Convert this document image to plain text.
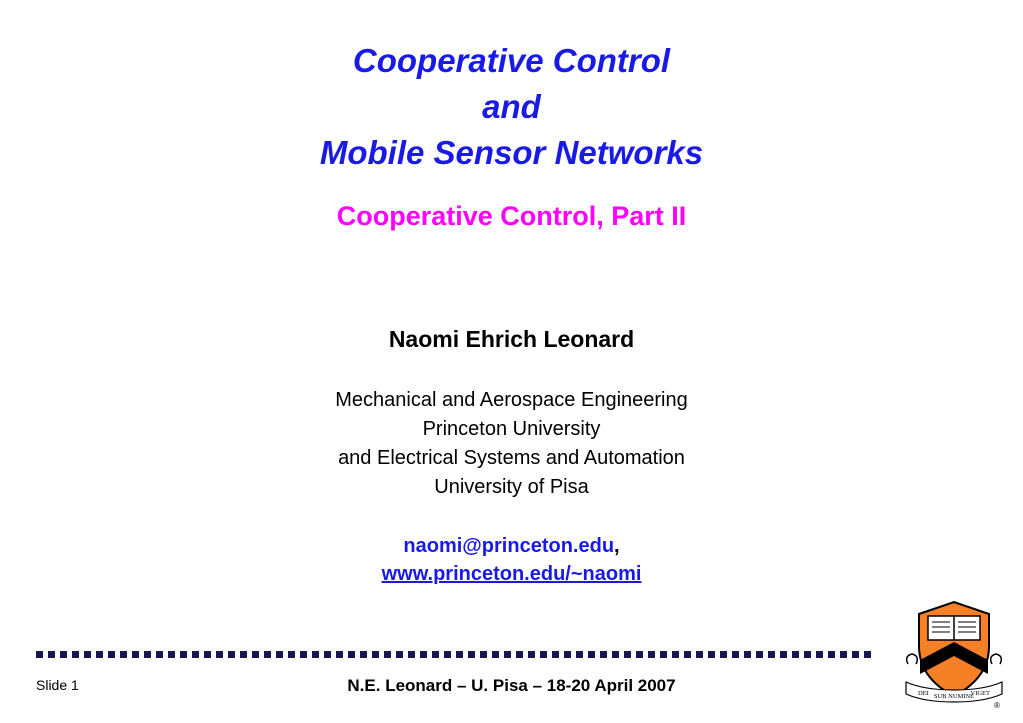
Cooperative Control
and
Mobile Sensor Networks
Cooperative Control, Part II
Naomi Ehrich Leonard
Mechanical and Aerospace Engineering
Princeton University
and Electrical Systems and Automation
University of Pisa
naomi@princeton.edu,
www.princeton.edu/~naomi
Slide 1	N.E. Leonard – U. Pisa – 18-20 April 2007	DEI SUB NUMINE
VIGET
®
